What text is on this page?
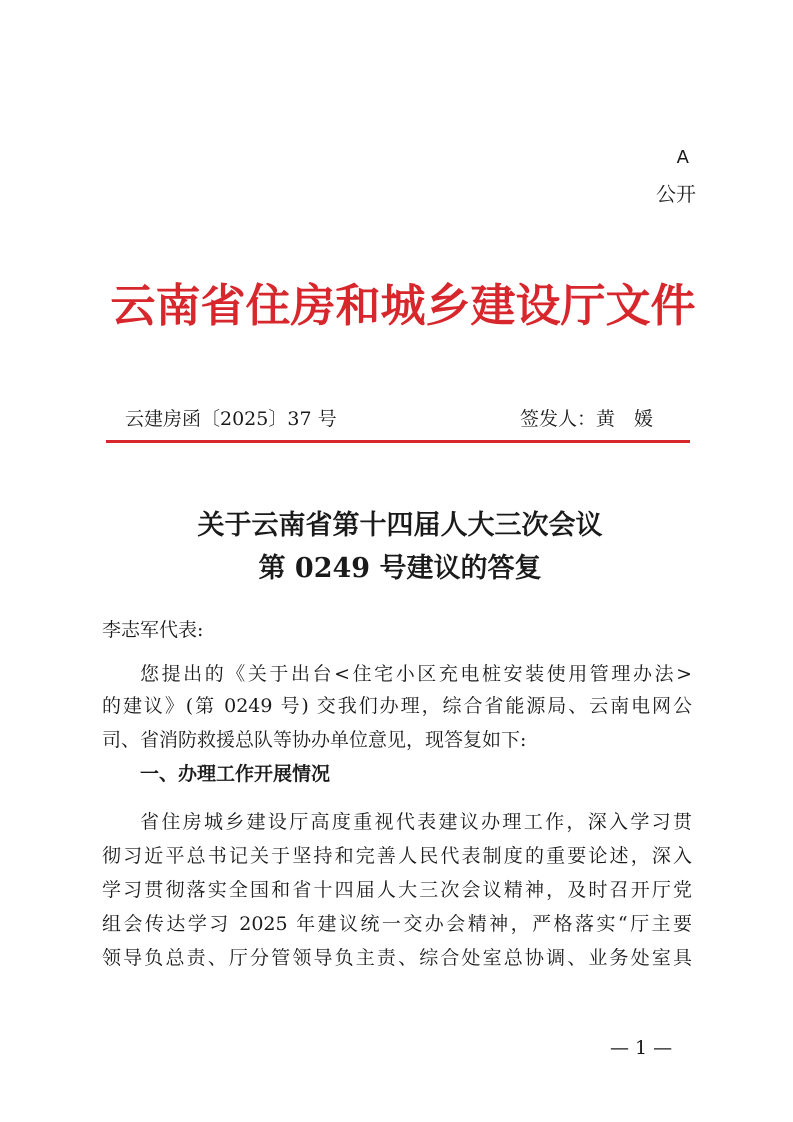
A
公开
云南省住房和城乡建设厅文件
云建房函〔2025〕37 号	签发人：黄　媛
关于云南省第十四届人大三次会议
第 0249 号建议的答复
李志军代表:
您提出的《关于出台<住宅小区充电桩安装使用管理办法>
的建议》(第 0249 号) 交我们办理，综合省能源局、云南电网公
司、省消防救援总队等协办单位意见，现答复如下:
一、办理工作开展情况
省住房城乡建设厅高度重视代表建议办理工作，深入学习贯
彻习近平总书记关于坚持和完善人民代表制度的重要论述，深入
学习贯彻落实全国和省十四届人大三次会议精神，及时召开厅党
组会传达学习 2025 年建议统一交办会精神，严格落实“厅主要
领导负总责、厅分管领导负主责、综合处室总协调、业务处室具
— 1 —
